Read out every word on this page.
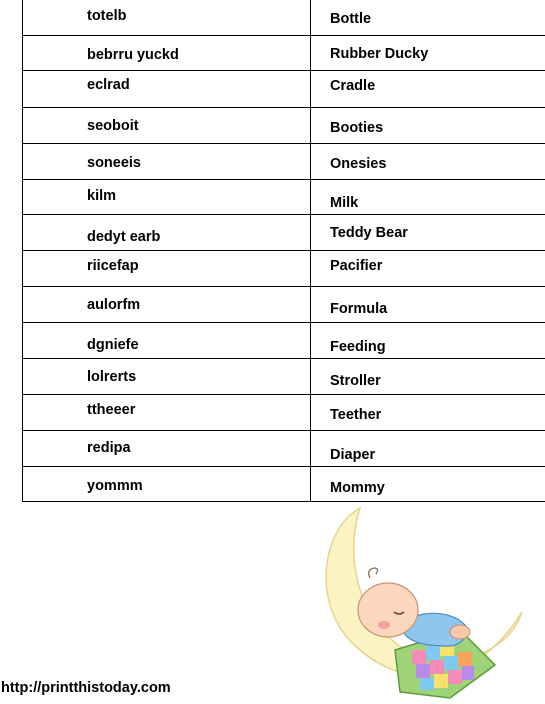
totelb
bebrru yuckd
eclrad
seoboit
soneeis
kilm
dedyt earb
riicefap
aulorfm
dgniefe
lolrerts
ttheeer
redipa
yommm
Bottle
Rubber Ducky
Cradle
Booties
Onesies
Milk
Teddy Bear
Pacifier
Formula
Feeding
Stroller
Teether
Diaper
Mommy
http://printthistoday.com
